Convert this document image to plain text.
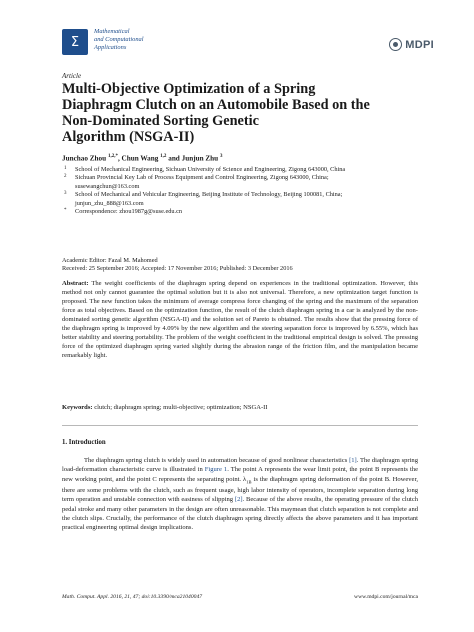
Σ
Mathematical
and Computational
Applications	MDPI
Article
Multi-Objective Optimization of a Spring
Diaphragm Clutch on an Automobile Based on the
Non-Dominated Sorting Genetic
Algorithm (NSGA-II)
Junchao Zhou $^{1,2,*}$, Chun Wang $^{1,2}$ and Junjun Zhu $^3$
1 School of Mechanical Engineering, Sichuan University of Science and Engineering, Zigong 643000, China
2 Sichuan Provincial Key Lab of Process Equipment and Control Engineering, Zigong 643000, China;
susewangchun@163.com
3 School of Mechanical and Vehicular Engineering, Beijing Institute of Technology, Beijing 100081, China;
junjun_zhu_888@163.com
* Correspondence: zhou1987g@suse.edu.cn
Academic Editor: Fazal M. Mahomed
Received: 25 September 2016; Accepted: 17 November 2016; Published: 3 December 2016
Abstract: The weight coefficients of the diaphragm spring depend on experiences in the traditional optimization. However, this method not only cannot guarantee the optimal solution but it is also not universal. Therefore, a new optimization target function is proposed. The new function takes the minimum of average compress force changing of the spring and the maximum of the separation force as total objectives. Based on the optimization function, the result of the clutch diaphragm spring in a car is analyzed by the non-dominated sorting genetic algorithm (NSGA-II) and the solution set of Pareto is obtained. The results show that the pressing force of the diaphragm spring is improved by 4.09% by the new algorithm and the steering separation force is improved by 6.55%, which has better stability and steering portability. The problem of the weight coefficient in the traditional empirical design is solved. The pressing force of the optimized diaphragm spring varied slightly during the abrasion range of the friction film, and the manipulation became remarkably light.
Keywords: clutch; diaphragm spring; multi-objective; optimization; NSGA-II
1. Introduction
The diaphragm spring clutch is widely used in automation because of good nonlinear characteristics [1]. The diaphragm spring load-deformation characteristic curve is illustrated in Figure 1. The point A represents the wear limit point, the point B represents the new working point, and the point C represents the separating point. $\lambda_{1B}$ is the diaphragm spring deformation of the point B. However, there are some problems with the clutch, such as frequent usage, high labor intensity of operators, incomplete separation during long term operation and unstable connection with easiness of slipping [2]. Because of the above results, the operating pressure of the clutch pedal stroke and many other parameters in the design are often unreasonable. This maymean that clutch separation is not complete and the clutch slips. Crucially, the performance of the clutch diaphragm spring directly affects the above parameters and it has important practical engineering optimal design implications.
Math. Comput. Appl. 2016, 21, 47; doi:10.3390/mca21040047	www.mdpi.com/journal/mca
